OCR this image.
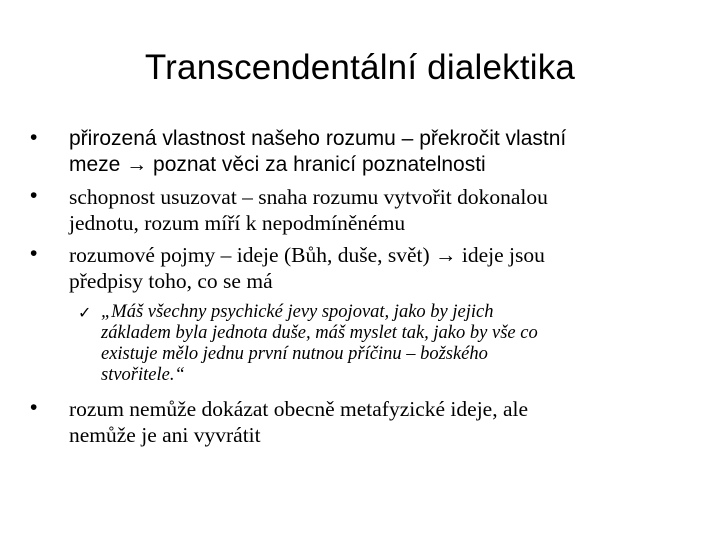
Transcendentální dialektika
•	přirozená vlastnost našeho rozumu – překročit vlastní
meze → poznat věci za hranicí poznatelnosti
•	schopnost usuzovat – snaha rozumu vytvořit dokonalou
jednotu, rozum míří k nepodmíněnému
•	rozumové pojmy – ideje (Bůh, duše, svět) → ideje jsou
předpisy toho, co se má
✓ „Máš všechny psychické jevy spojovat, jako by jejich
základem byla jednota duše, máš myslet tak, jako by vše co
existuje mělo jednu první nutnou příčinu – božského
stvořitele.“
•	rozum nemůže dokázat obecně metafyzické ideje, ale
nemůže je ani vyvrátit
